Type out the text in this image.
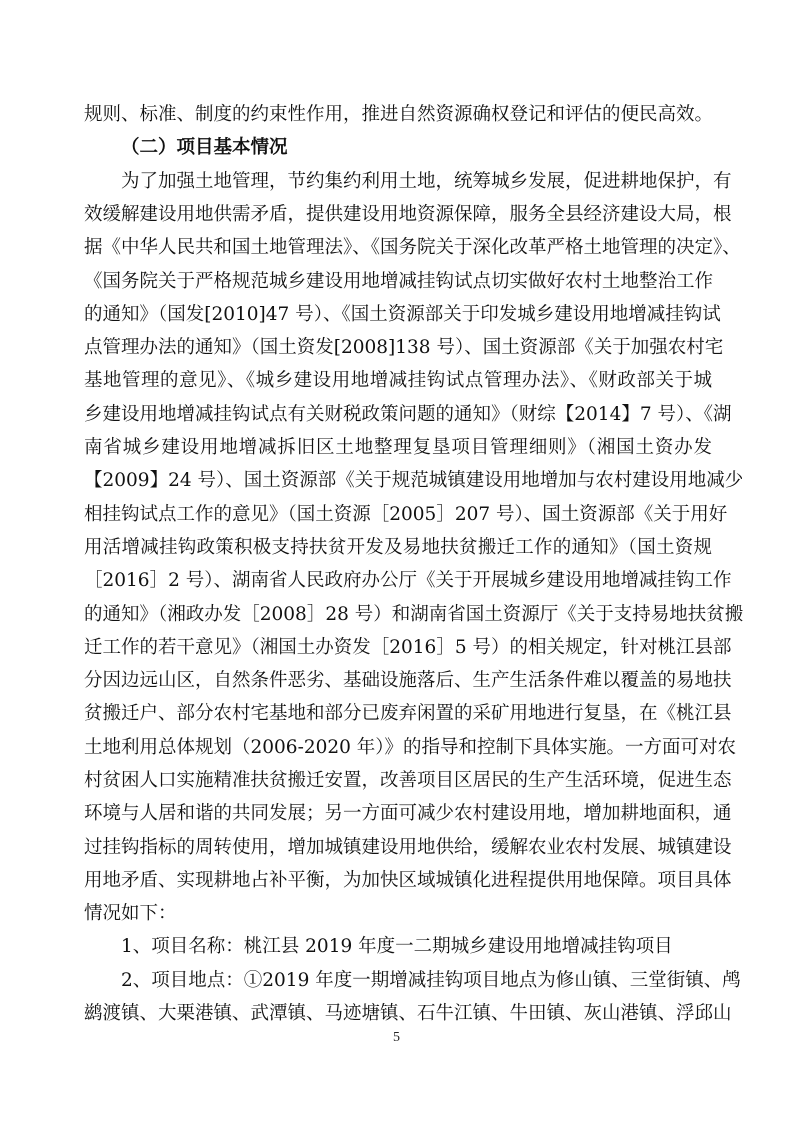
规则、标准、制度的约束性作用，推进自然资源确权登记和评估的便民高效。
（二）项目基本情况
为了加强土地管理，节约集约利用土地，统筹城乡发展，促进耕地保护，有
效缓解建设用地供需矛盾，提供建设用地资源保障，服务全县经济建设大局，根
据《中华人民共和国土地管理法》、《国务院关于深化改革严格土地管理的决定》、
《国务院关于严格规范城乡建设用地增减挂钩试点切实做好农村土地整治工作
的通知》（国发[2010]47 号）、《国土资源部关于印发城乡建设用地增减挂钩试
点管理办法的通知》（国土资发[2008]138 号）、国土资源部《关于加强农村宅
基地管理的意见》、《城乡建设用地增减挂钩试点管理办法》、《财政部关于城
乡建设用地增减挂钩试点有关财税政策问题的通知》（财综【2014】7 号）、《湖
南省城乡建设用地增减拆旧区土地整理复垦项目管理细则》（湘国土资办发
【2009】24 号）、国土资源部《关于规范城镇建设用地增加与农村建设用地减少
相挂钩试点工作的意见》（国土资源［2005］207 号）、国土资源部《关于用好
用活增减挂钩政策积极支持扶贫开发及易地扶贫搬迁工作的通知》（国土资规
［2016］2 号）、湖南省人民政府办公厅《关于开展城乡建设用地增减挂钩工作
的通知》（湘政办发［2008］28 号）和湖南省国土资源厅《关于支持易地扶贫搬
迁工作的若干意见》（湘国土办资发［2016］5 号）的相关规定，针对桃江县部
分因边远山区，自然条件恶劣、基础设施落后、生产生活条件难以覆盖的易地扶
贫搬迁户、部分农村宅基地和部分已废弃闲置的采矿用地进行复垦，在《桃江县
土地利用总体规划（2006-2020 年）》的指导和控制下具体实施。一方面可对农
村贫困人口实施精准扶贫搬迁安置，改善项目区居民的生产生活环境，促进生态
环境与人居和谐的共同发展；另一方面可减少农村建设用地，增加耕地面积，通
过挂钩指标的周转使用，增加城镇建设用地供给，缓解农业农村发展、城镇建设
用地矛盾、实现耕地占补平衡，为加快区域城镇化进程提供用地保障。项目具体
情况如下：
1、项目名称：桃江县 2019 年度一二期城乡建设用地增减挂钩项目
2、项目地点：①2019 年度一期增减挂钩项目地点为修山镇、三堂街镇、鸬
鹚渡镇、大栗港镇、武潭镇、马迹塘镇、石牛江镇、牛田镇、灰山港镇、浮邱山
5
